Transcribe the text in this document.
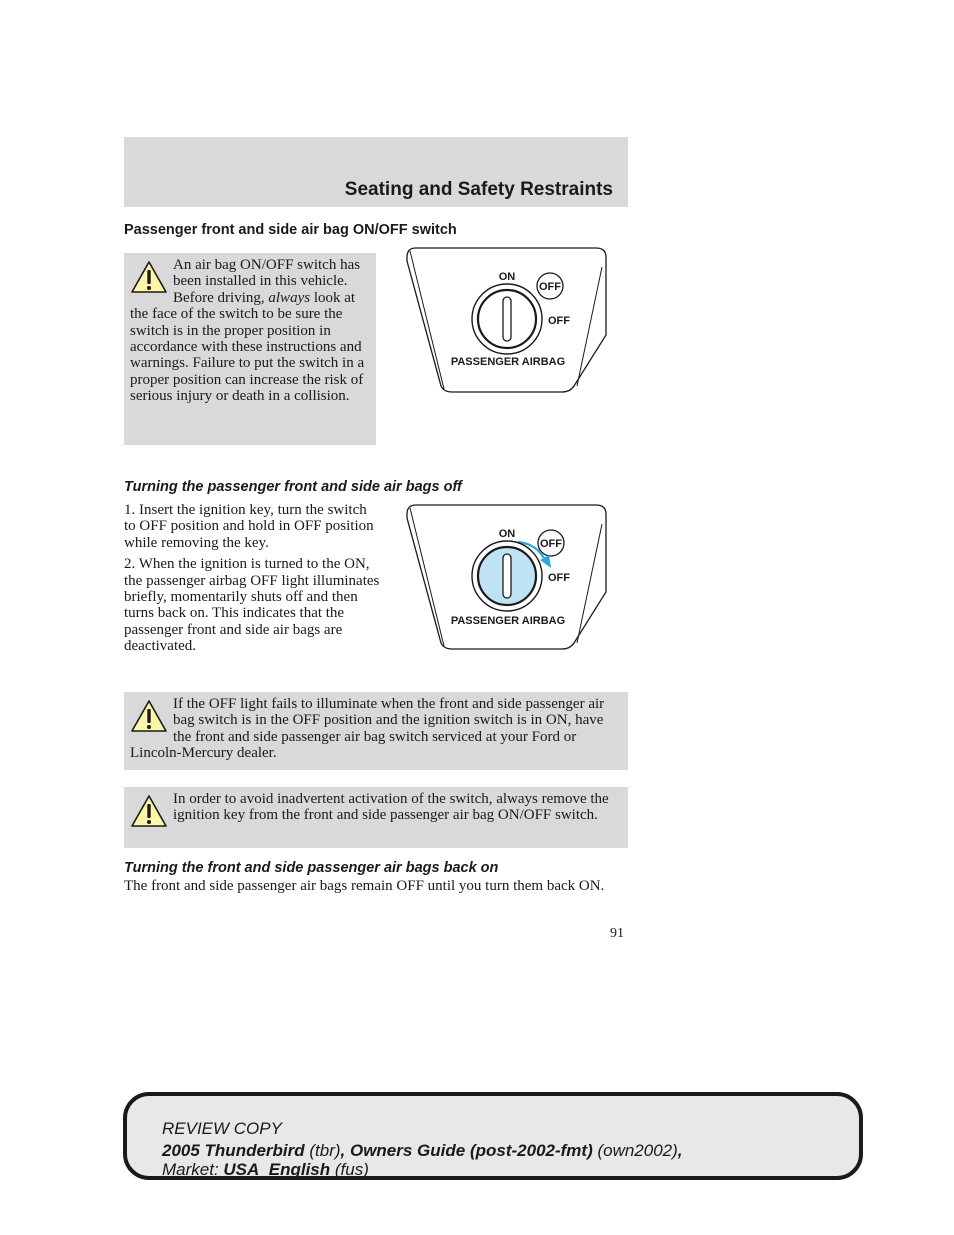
Seating and Safety Restraints
Passenger front and side air bag ON/OFF switch
An air bag ON/OFF switch has been installed in this vehicle. Before driving, always look at the face of the switch to be sure the switch is in the proper position in accordance with these instructions and warnings. Failure to put the switch in a proper position can increase the risk of serious injury or death in a collision.
ON
OFF
OFF
PASSENGER AIRBAG
Turning the passenger front and side air bags off

1. Insert the ignition key, turn the switch to OFF position and hold in OFF position while removing the key.

2. When the ignition is turned to the ON, the passenger airbag OFF light illuminates briefly, momentarily shuts off and then turns back on. This indicates that the passenger front and side air bags are deactivated.

ON
OFF
OFF
PASSENGER AIRBAG
If the OFF light fails to illuminate when the front and side passenger air bag switch is in the OFF position and the ignition switch is in ON, have the front and side passenger air bag switch serviced at your Ford or Lincoln-Mercury dealer.
In order to avoid inadvertent activation of the switch, always remove the ignition key from the front and side passenger air bag ON/OFF switch.
Turning the front and side passenger air bags back on
The front and side passenger air bags remain OFF until you turn them back ON.
91
REVIEW COPY
2005 Thunderbird (tbr), Owners Guide (post-2002-fmt) (own2002),
Market: USA_English (fus)
